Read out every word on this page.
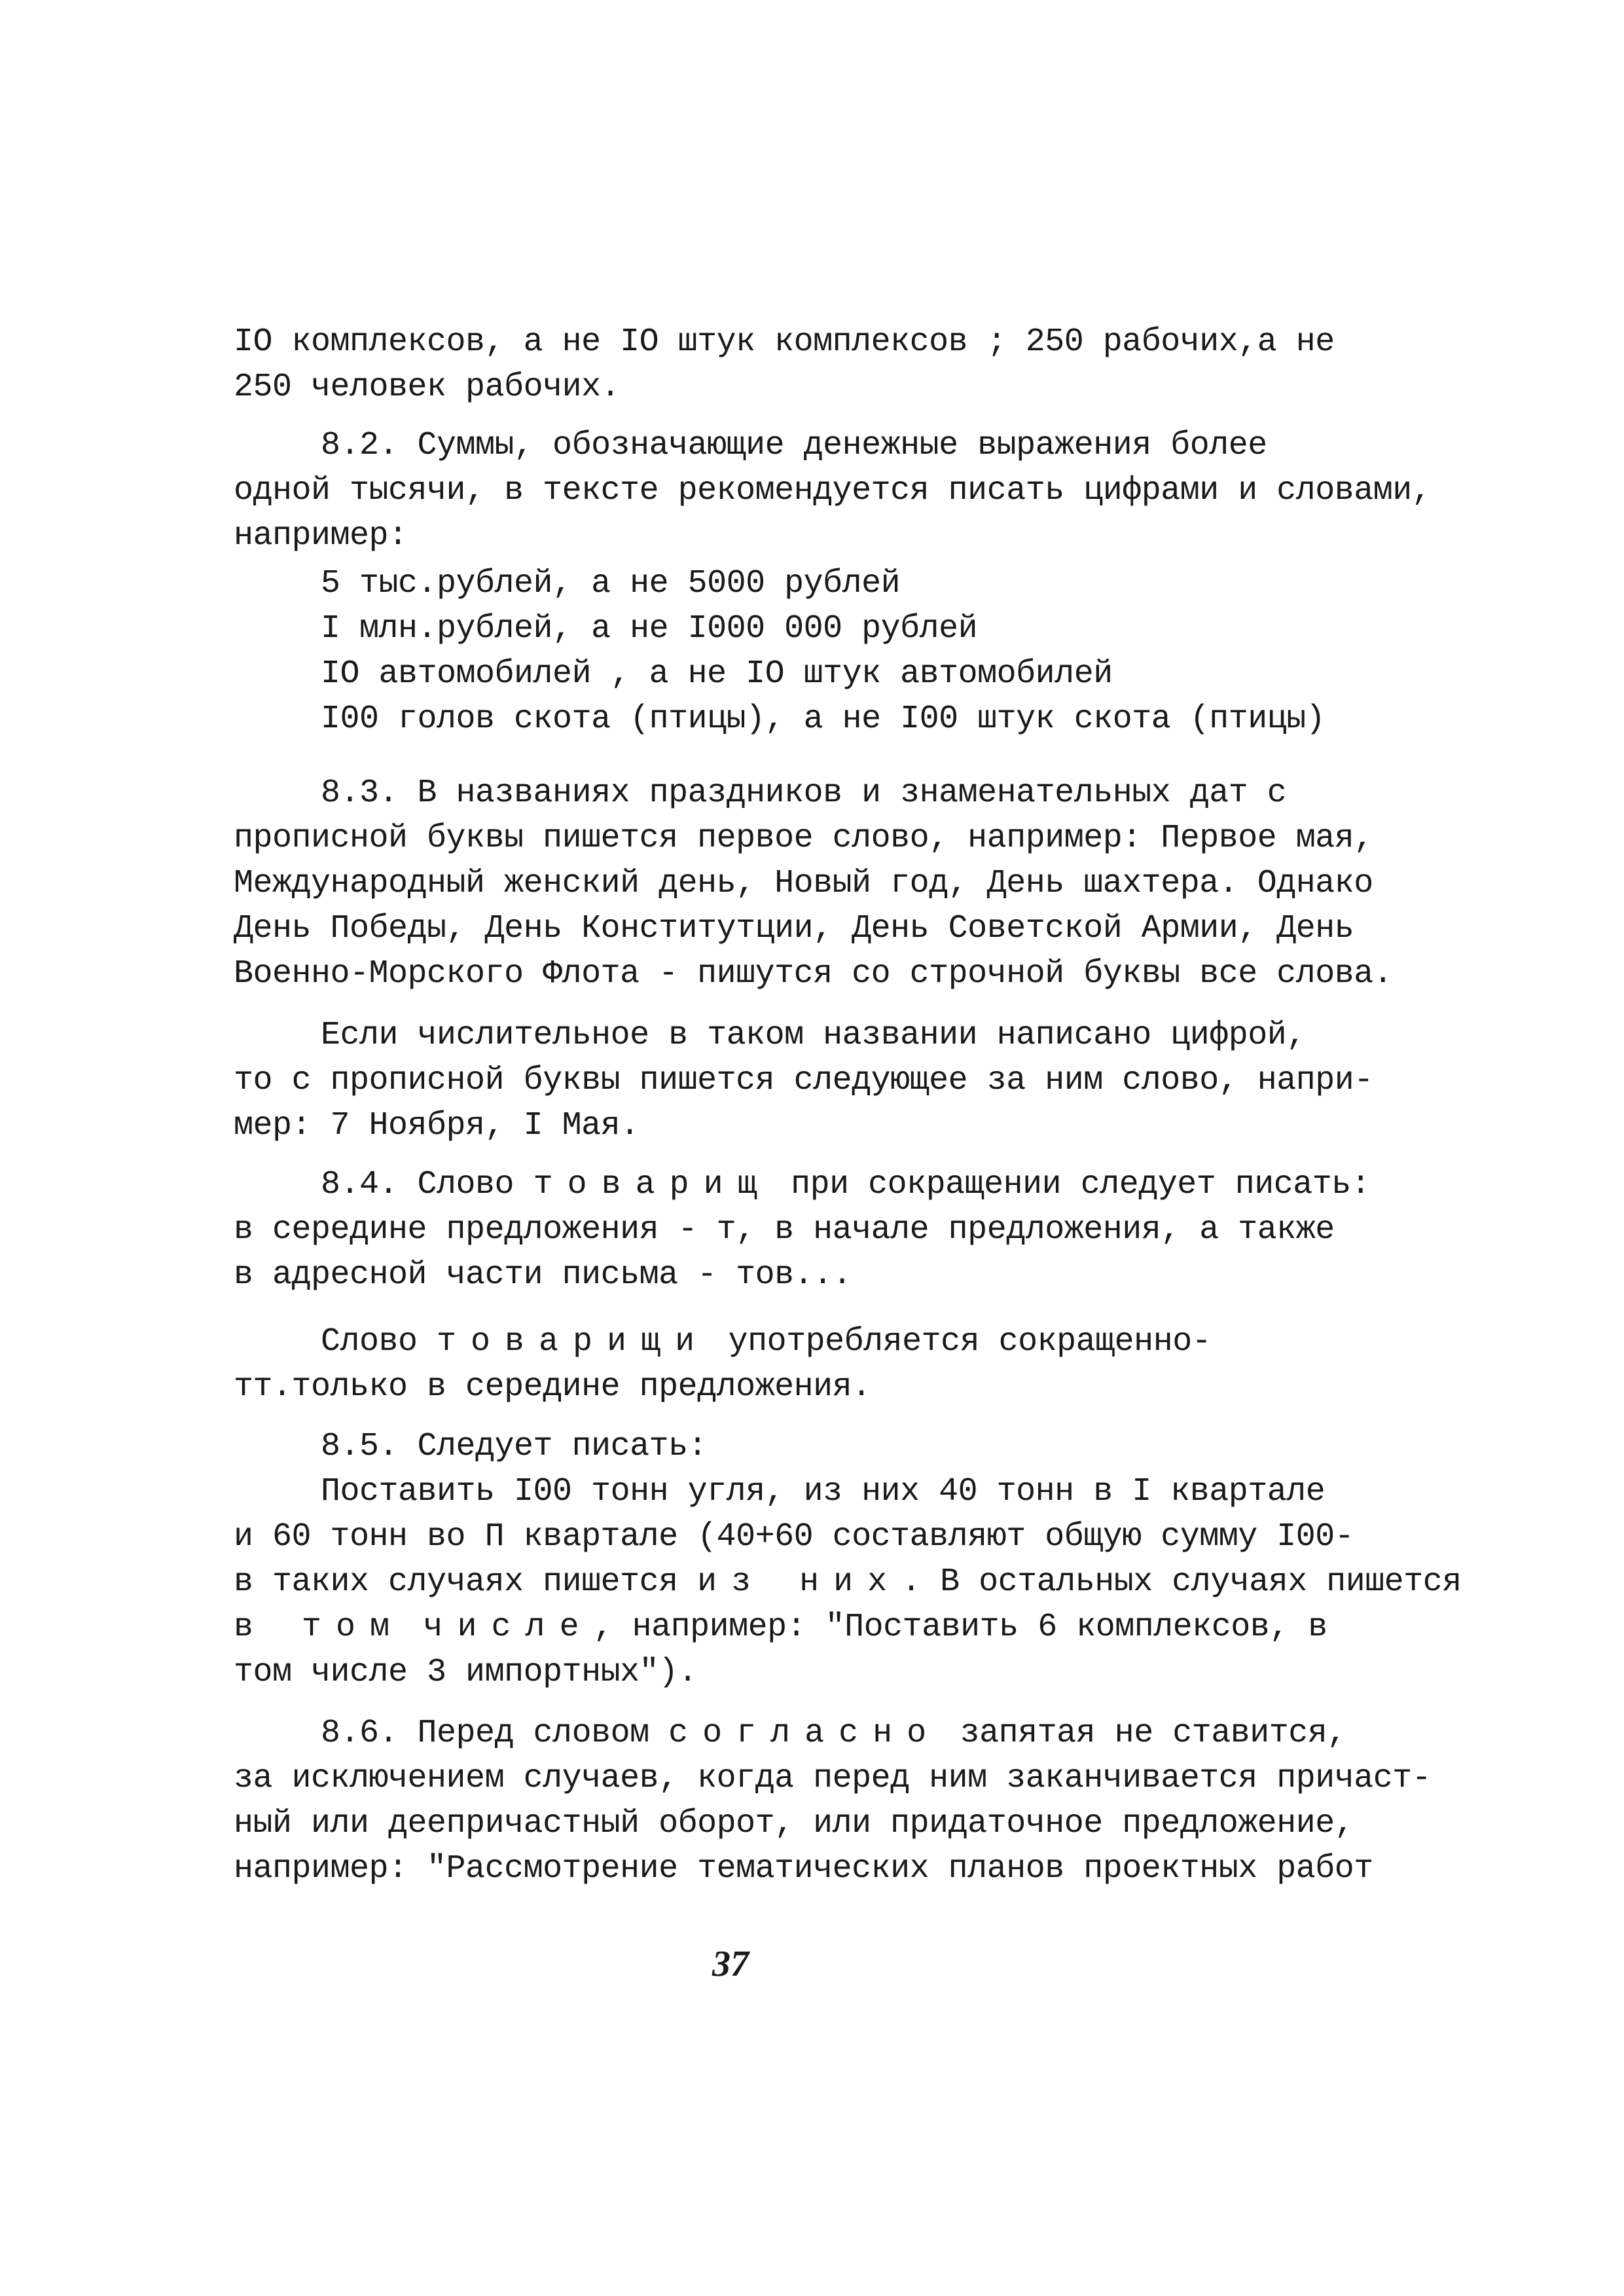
IO комплексов, а не IO штук комплексов ; 250 рабочих,а не
250 человек рабочих.
8.2. Суммы, обозначающие денежные выражения более
одной тысячи, в тексте рекомендуется писать цифрами и словами,
например:
5 тыс.рублей, а не 5000 рублей
I млн.рублей, а не I000 000 рублей
IO автомобилей , а не IO штук автомобилей
I00 голов скота (птицы), а не I00 штук скота (птицы)
8.3. В названиях праздников и знаменательных дат с
прописной буквы пишется первое слово, например: Первое мая,
Международный женский день, Новый год, День шахтера. Однако
День Победы, День Конститутции, День Советской Армии, День
Военно-Морского Флота - пишутся со строчной буквы все слова.
Если числительное в таком названии написано цифрой,
то с прописной буквы пишется следующее за ним слово, напри-
мер: 7 Ноября, I Мая.
8.4. Слово товарищ при сокращении следует писать:
в середине предложения - т, в начале предложения, а также
в адресной части письма - тов...
Слово товарищи употребляется сокращенно-
тт.только в середине предложения.
8.5. Следует писать:
Поставить I00 тонн угля, из них 40 тонн в I квартале
и 60 тонн во П квартале (40+60 составляют общую сумму I00-
в таких случаях пишется из них. В остальных случаях пишется
в том числе, например: "Поставить 6 комплексов, в
том числе 3 импортных").
8.6. Перед словом согласно запятая не ставится,
за исключением случаев, когда перед ним заканчивается причаст-
ный или деепричастный оборот, или придаточное предложение,
например: "Рассмотрение тематических планов проектных работ
37
